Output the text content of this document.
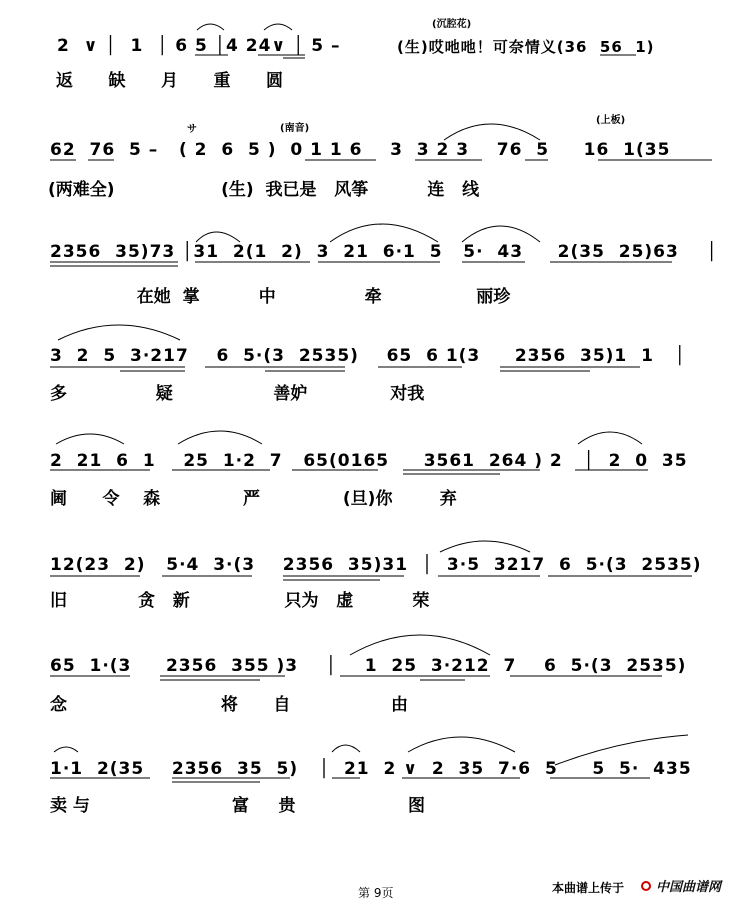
2  ∨ │  1  │ 6 5 │4 24∨ │ 5 –	(生)哎吔吔！可奈情义(36  56  1)
返      缺      月      重      圆
(沉腔花)
62  76  5 –   ( 2  6  5 )  0 1 1 6    3  3 2 3    76  5     16  1(35
(两难全)                  (生)  我已是   风筝          连   线
(南音)
(上板)
サ
2356  35)73 │31  2(1  2)  3  21  6·1  5   5·  43     2(35  25)63    │
在她  掌          中               牵                丽珍
3  2  5  3·217    6  5·(3  2535)    65  6 1(3     2356  35)1  1   │
多               疑                 善妒              对我
2  21  6  1    25  1·2  7   65(0165     3561  264 ) 2   │  2  0  35
阃      令    森              严              (旦)你        弃
12(23  2)   5·4  3·(3    2356  35)31  │  3·5  3217  6  5·(3  2535)
旧            贪   新                只为   虚          荣
65  1·(3     2356  355 )3    │    1  25  3·212  7    6  5·(3  2535)
念                          将      自                 由
1·1  2(35    2356  35  5)   │  21  2 ∨  2  35  7·6  5     5  5·  435
卖 与                        富     贵                   图
第 9页	本曲谱上传于 中国曲谱网
